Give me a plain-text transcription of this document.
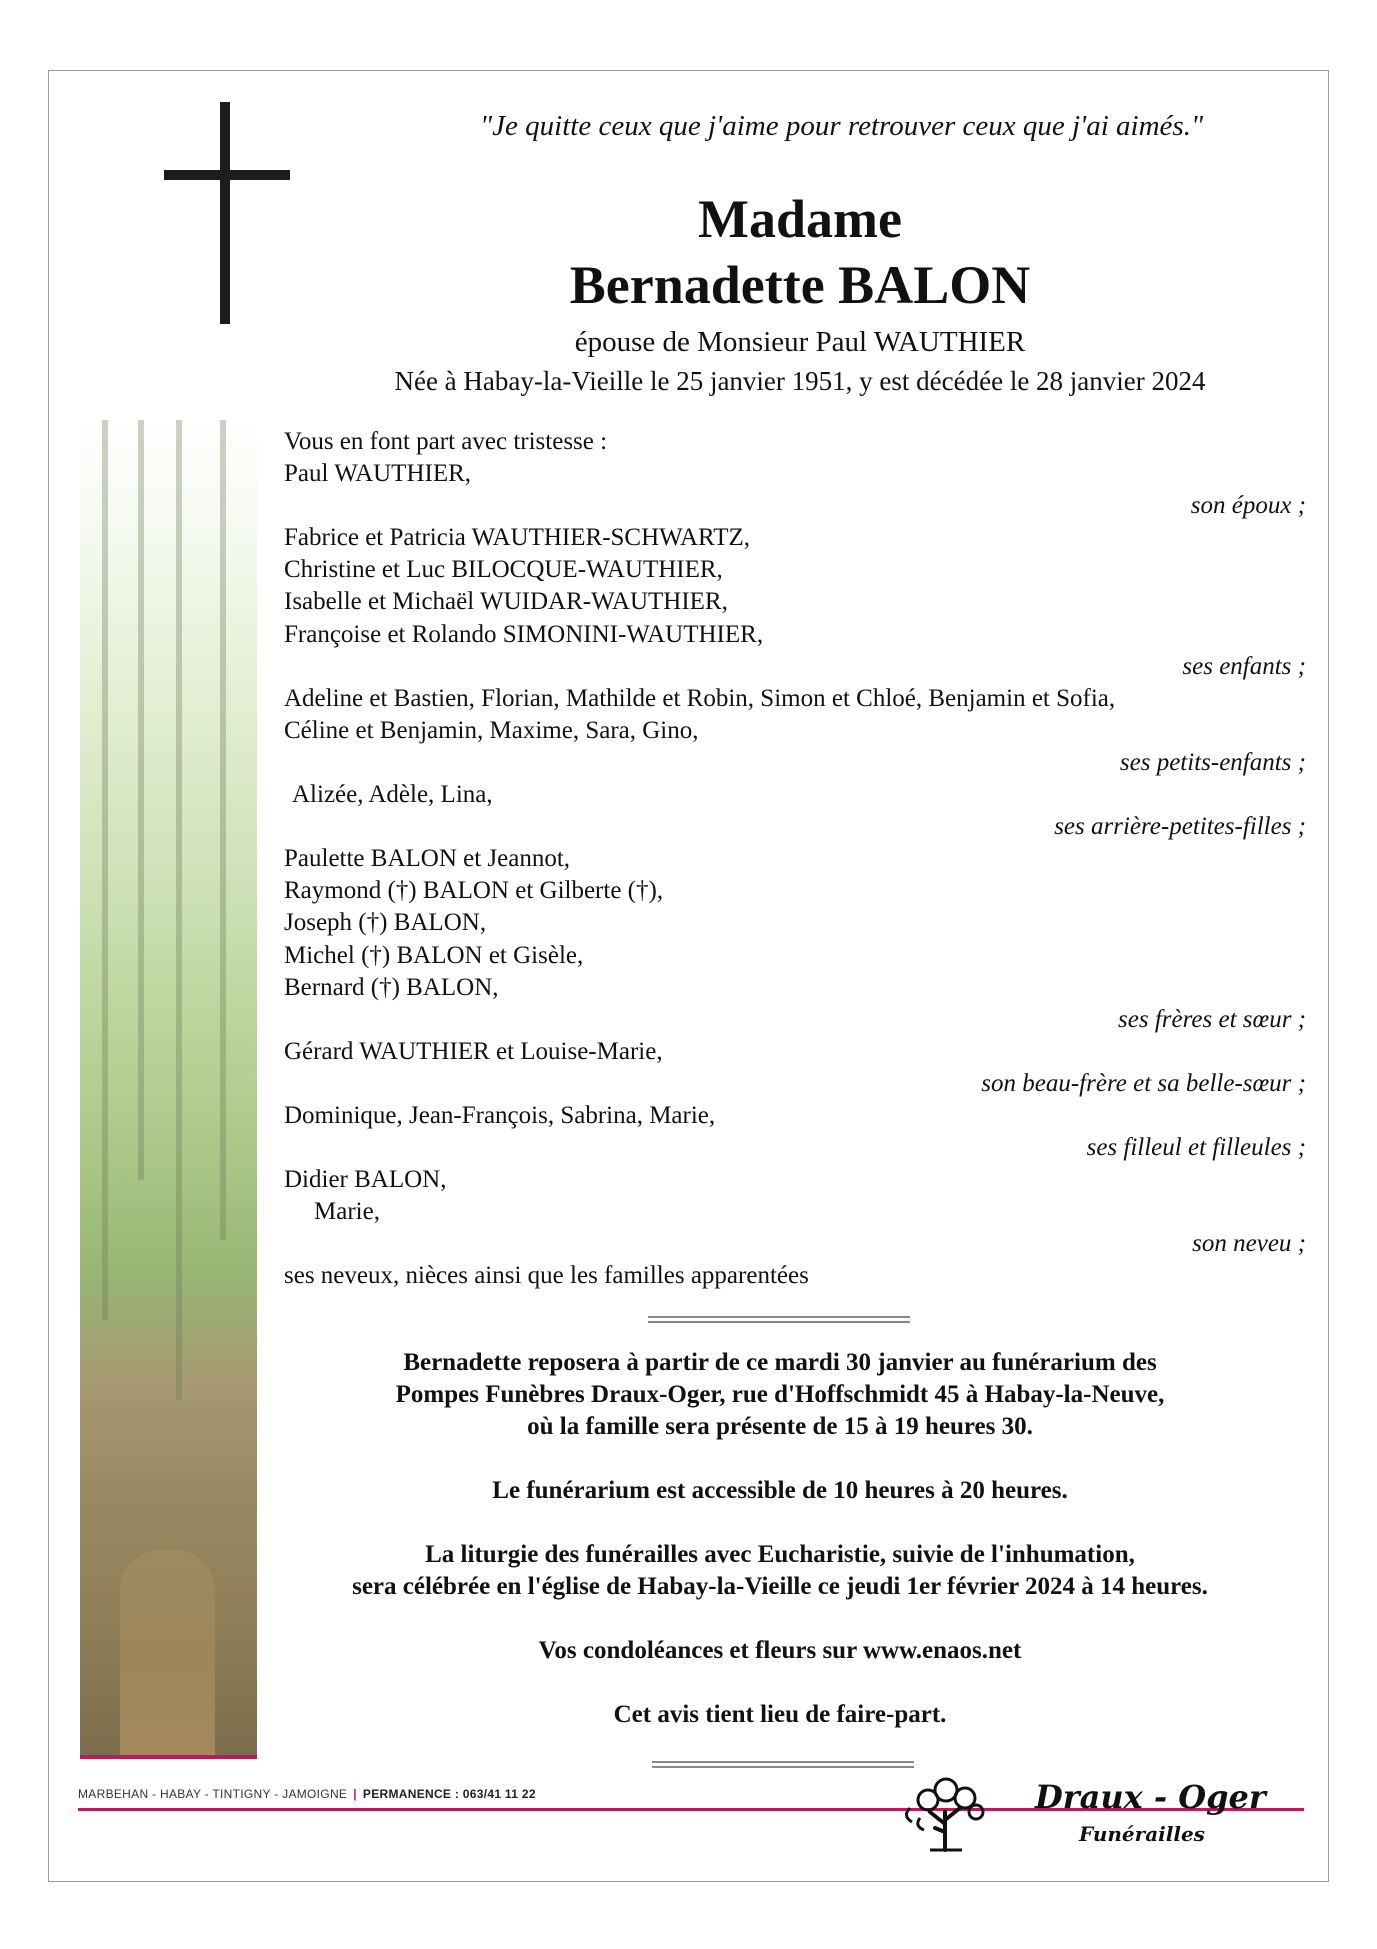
"Je quitte ceux que j'aime pour retrouver ceux que j'ai aimés."
Madame
Bernadette BALON
épouse de Monsieur Paul WAUTHIER
Née à Habay-la-Vieille le 25 janvier 1951, y est décédée le 28 janvier 2024
Vous en font part avec tristesse :
Paul WAUTHIER,
son époux ;
Fabrice et Patricia WAUTHIER-SCHWARTZ,
Christine et Luc BILOCQUE-WAUTHIER,
Isabelle et Michaël WUIDAR-WAUTHIER,
Françoise et Rolando SIMONINI-WAUTHIER,
ses enfants ;
Adeline et Bastien, Florian, Mathilde et Robin, Simon et Chloé, Benjamin et Sofia,
Céline et Benjamin, Maxime, Sara, Gino,
ses petits-enfants ;
Alizée, Adèle, Lina,
ses arrière-petites-filles ;
Paulette BALON et Jeannot,
Raymond (†) BALON et Gilberte (†),
Joseph (†) BALON,
Michel (†) BALON et Gisèle,
Bernard (†) BALON,
ses frères et sœur ;
Gérard WAUTHIER et Louise-Marie,
son beau-frère et sa belle-sœur ;
Dominique, Jean-François, Sabrina, Marie,
ses filleul et filleules ;
Didier BALON,
Marie,
son neveu ;
ses neveux, nièces ainsi que les familles apparentées
Bernadette reposera à partir de ce mardi 30 janvier au funérarium des
Pompes Funèbres Draux-Oger, rue d'Hoffschmidt 45 à Habay-la-Neuve,
où la famille sera présente de 15 à 19 heures 30.
Le funérarium est accessible de 10 heures à 20 heures.
La liturgie des funérailles avec Eucharistie, suivie de l'inhumation,
sera célébrée en l'église de Habay-la-Vieille ce jeudi 1er février 2024 à 14 heures.
Vos condoléances et fleurs sur www.enaos.net
Cet avis tient lieu de faire-part.
MARBEHAN - HABAY - TINTIGNY - JAMOIGNE | PERMANENCE : 063/41 11 22	Draux - Oger
Funérailles
